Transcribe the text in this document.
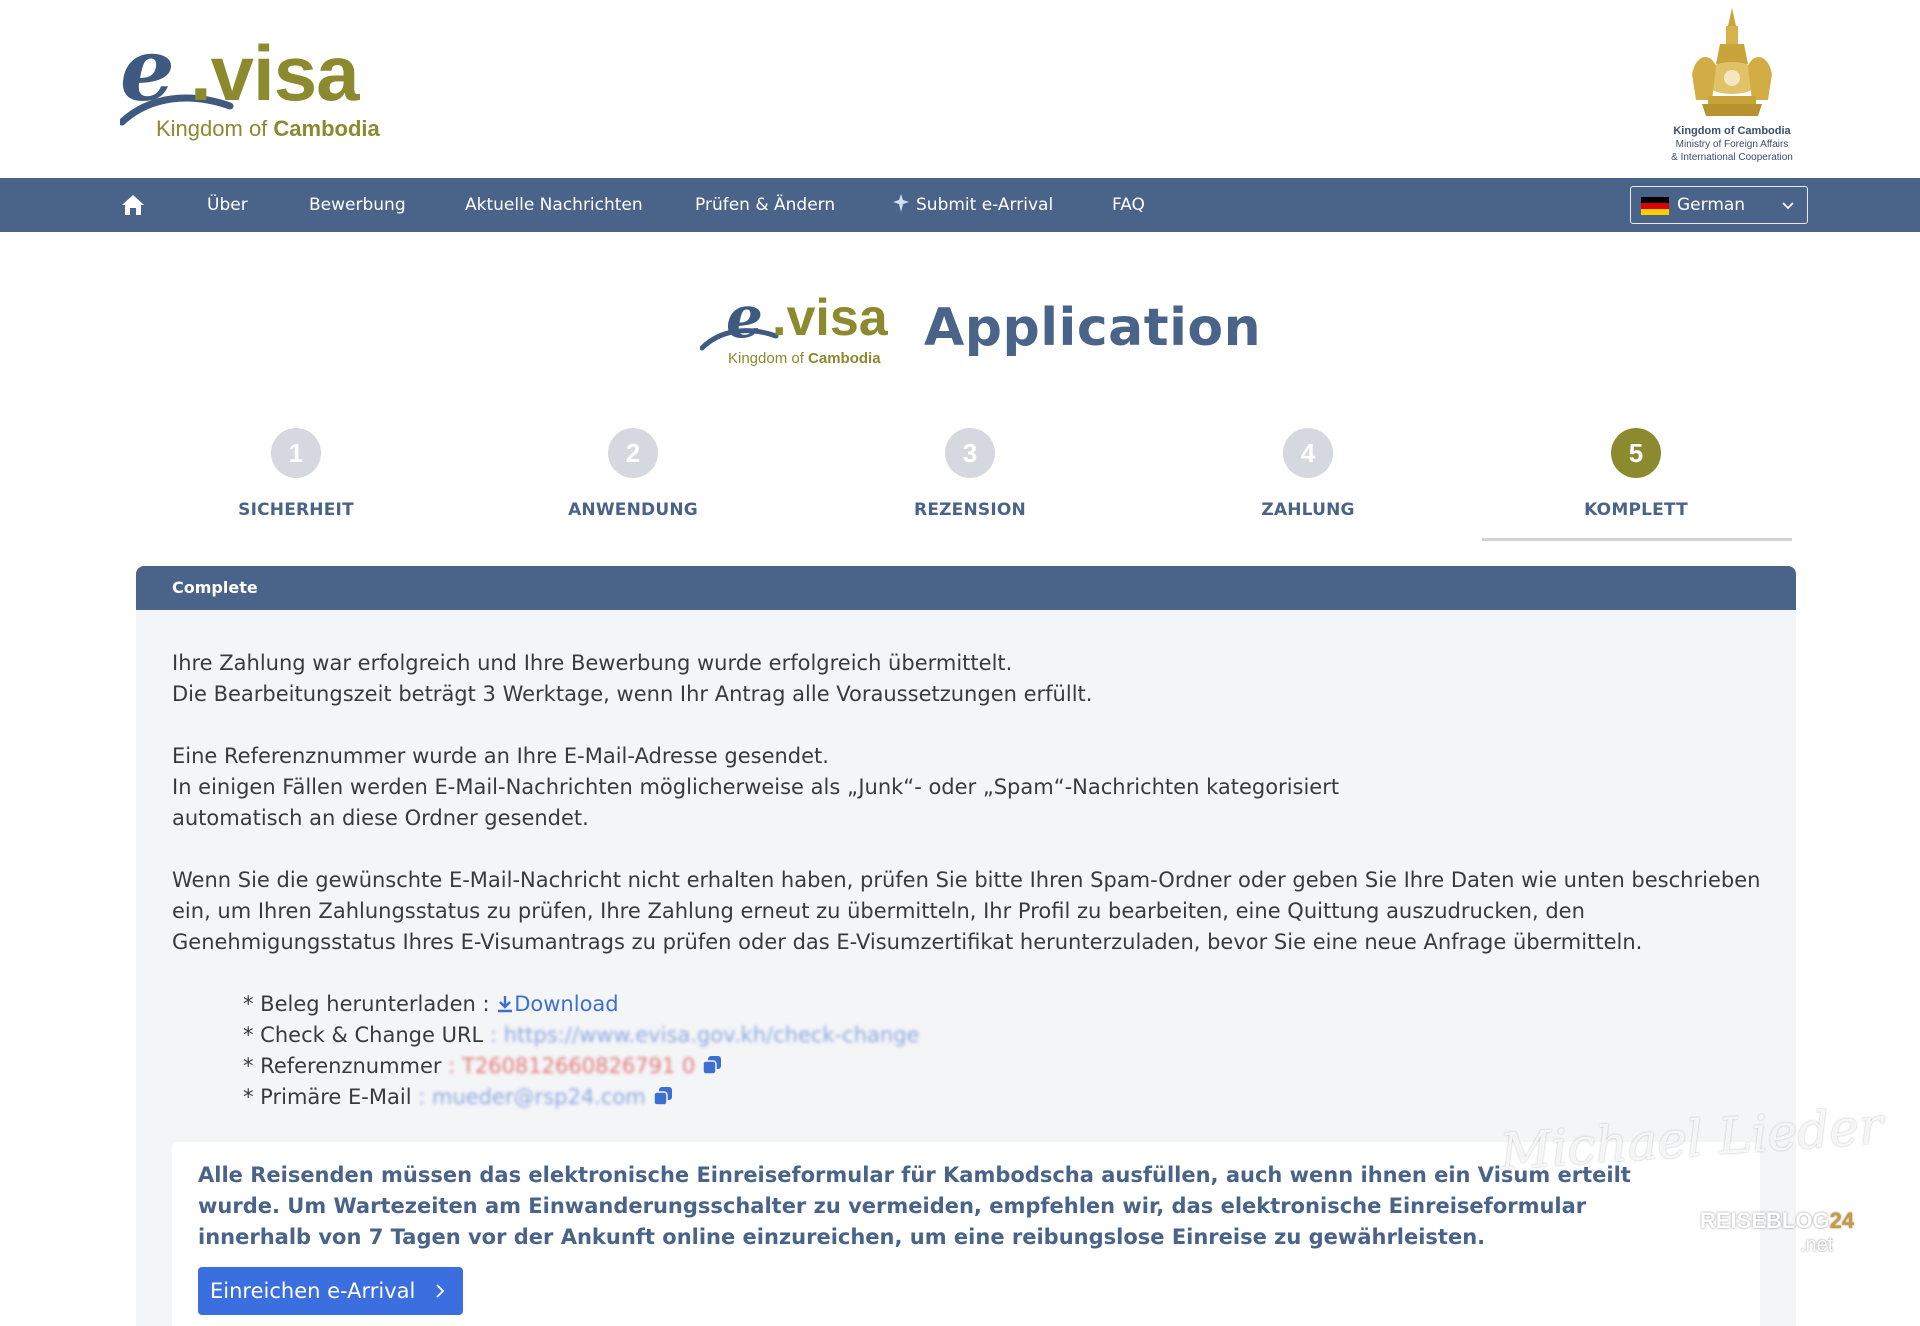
e .visa
Kingdom of Cambodia	Kingdom of Cambodia
Ministry of Foreign Affairs
& International Cooperation
Über	Bewerbung	Aktuelle Nachrichten	Prüfen & Ändern	Submit e-Arrival	FAQ	German
e .visa
Kingdom of Cambodia
Application
1
SICHERHEIT
2
ANWENDUNG
3
REZENSION
4
ZAHLUNG
5
KOMPLETT
Complete

Ihre Zahlung war erfolgreich und Ihre Bewerbung wurde erfolgreich übermittelt.
Die Bearbeitungszeit beträgt 3 Werktage, wenn Ihr Antrag alle Voraussetzungen erfüllt.

Eine Referenznummer wurde an Ihre E-Mail-Adresse gesendet.
In einigen Fällen werden E-Mail-Nachrichten möglicherweise als „Junk“- oder „Spam“-Nachrichten kategorisiert
automatisch an diese Ordner gesendet.

Wenn Sie die gewünschte E-Mail-Nachricht nicht erhalten haben, prüfen Sie bitte Ihren Spam-Ordner oder geben Sie Ihre Daten wie unten beschrieben ein, um Ihren Zahlungsstatus zu prüfen, Ihre Zahlung erneut zu übermitteln, Ihr Profil zu bearbeiten, eine Quittung auszudrucken, den Genehmigungsstatus Ihres E-Visumantrags zu prüfen oder das E-Visumzertifikat herunterzuladen, bevor Sie eine neue Anfrage übermitteln.

* Beleg herunterladen : Download
* Check & Change URL : https://www.evisa.gov.kh/check-change
* Referenznummer : T260812660826791 0
* Primäre E-Mail : mueder@rsp24.com
Alle Reisenden müssen das elektronische Einreiseformular für Kambodscha ausfüllen, auch wenn ihnen ein Visum erteilt wurde. Um Wartezeiten am Einwanderungsschalter zu vermeiden, empfehlen wir, das elektronische Einreiseformular innerhalb von 7 Tagen vor der Ankunft online einzureichen, um eine reibungslose Einreise zu gewährleisten.
Einreichen e-Arrival
Michael Lieder
REISEBLOG24
.net
